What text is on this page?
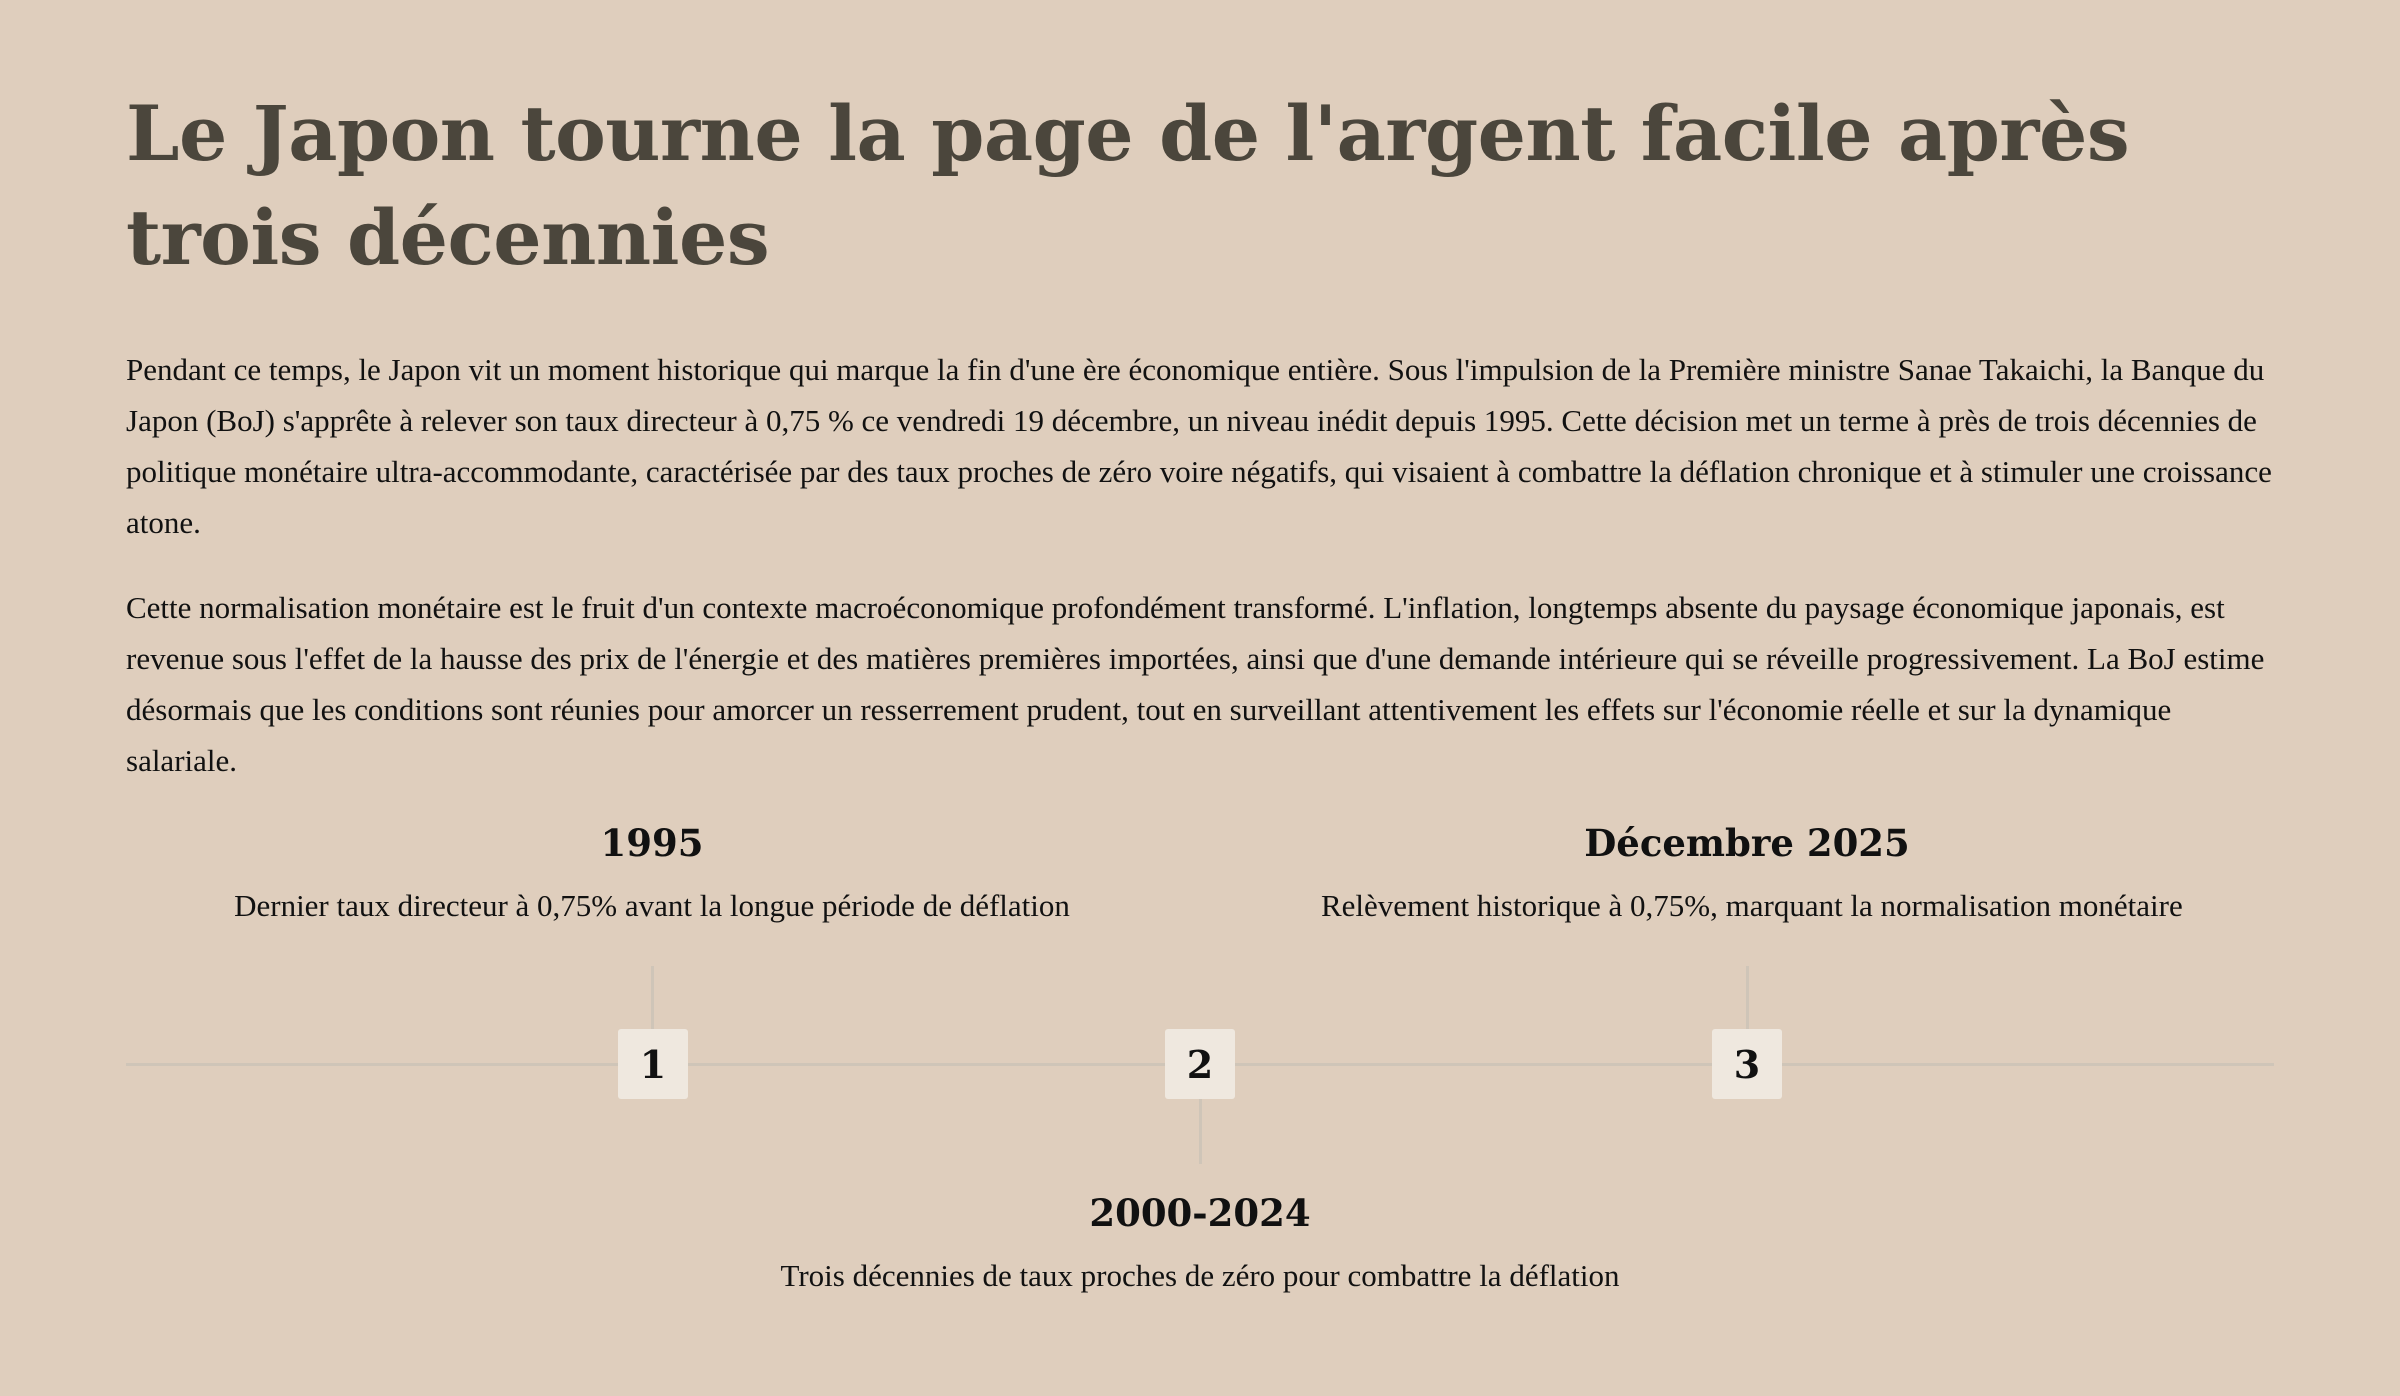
Le Japon tourne la page de l'argent facile après trois décennies

Pendant ce temps, le Japon vit un moment historique qui marque la fin d'une ère économique entière. Sous l'impulsion de la Première ministre Sanae Takaichi, la Banque du Japon (BoJ) s'apprête à relever son taux directeur à 0,75 % ce vendredi 19 décembre, un niveau inédit depuis 1995. Cette décision met un terme à près de trois décennies de politique monétaire ultra-accommodante, caractérisée par des taux proches de zéro voire négatifs, qui visaient à combattre la déflation chronique et à stimuler une croissance atone.

Cette normalisation monétaire est le fruit d'un contexte macroéconomique profondément transformé. L'inflation, longtemps absente du paysage économique japonais, est revenue sous l'effet de la hausse des prix de l'énergie et des matières premières importées, ainsi que d'une demande intérieure qui se réveille progressivement. La BoJ estime désormais que les conditions sont réunies pour amorcer un resserrement prudent, tout en surveillant attentivement les effets sur l'économie réelle et sur la dynamique salariale.

1	2	3
1995
Dernier taux directeur à 0,75% avant la longue période de déflation
2000-2024
Trois décennies de taux proches de zéro pour combattre la déflation
Décembre 2025
Relèvement historique à 0,75%, marquant la normalisation monétaire
